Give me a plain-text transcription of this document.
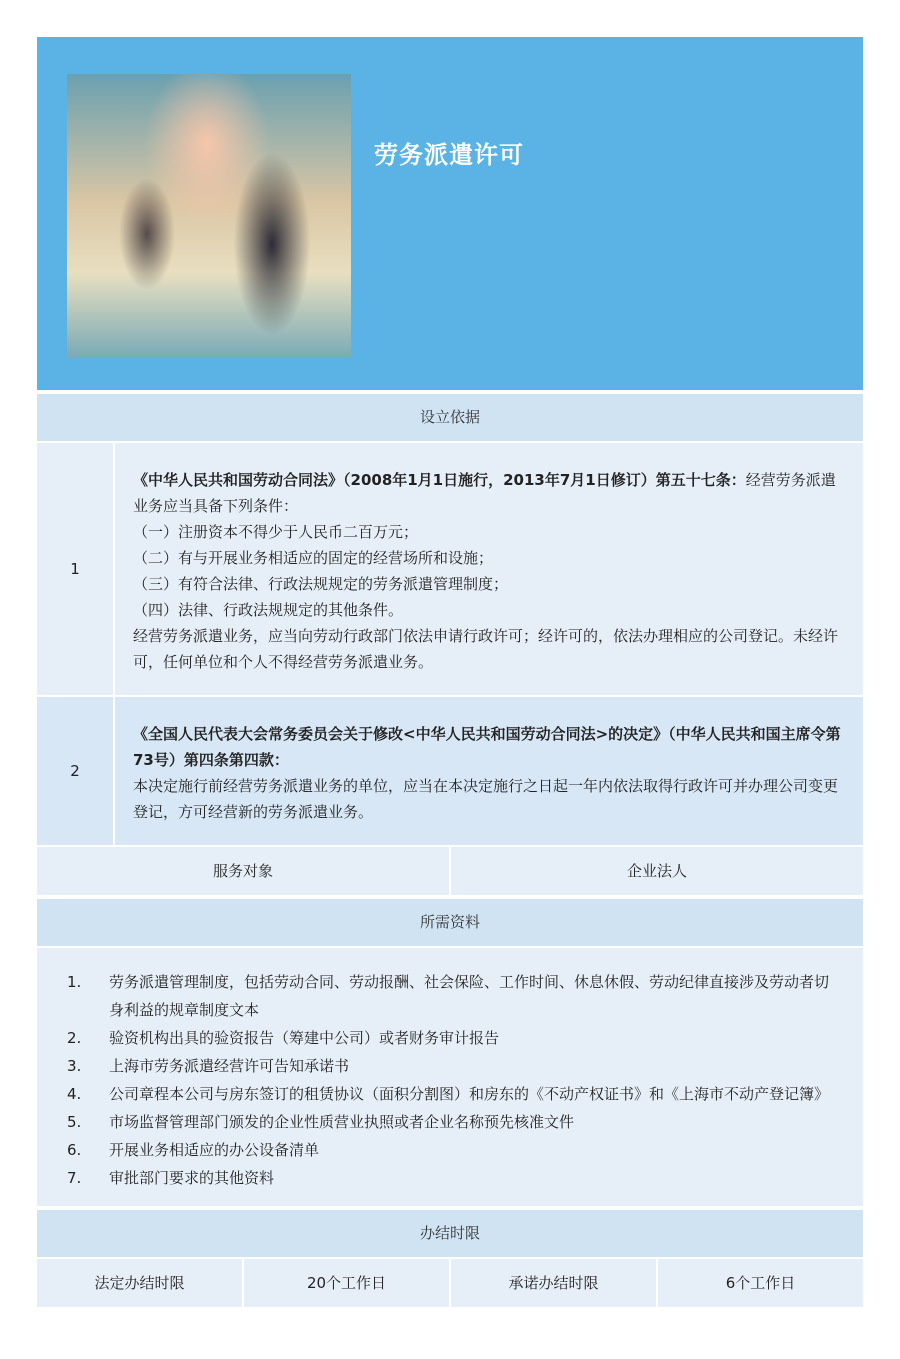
劳务派遣许可
设立依据
1

《中华人民共和国劳动合同法》（2008年1月1日施行，2013年7月1日修订）第五十七条：经营劳务派遣业务应当具备下列条件：

（一）注册资本不得少于人民币二百万元；

（二）有与开展业务相适应的固定的经营场所和设施；

（三）有符合法律、行政法规规定的劳务派遣管理制度；

（四）法律、行政法规规定的其他条件。

经营劳务派遣业务，应当向劳动行政部门依法申请行政许可；经许可的，依法办理相应的公司登记。未经许可，任何单位和个人不得经营劳务派遣业务。

2

《全国人民代表大会常务委员会关于修改<中华人民共和国劳动合同法>的决定》（中华人民共和国主席令第73号）第四条第四款：

本决定施行前经营劳务派遣业务的单位，应当在本决定施行之日起一年内依法取得行政许可并办理公司变更登记，方可经营新的劳务派遣业务。

服务对象	企业法人
所需资料
1.	劳务派遣管理制度，包括劳动合同、劳动报酬、社会保险、工作时间、休息休假、劳动纪律直接涉及劳动者切身利益的规章制度文本
2.	验资机构出具的验资报告（筹建中公司）或者财务审计报告
3.	上海市劳务派遣经营许可告知承诺书
4.	公司章程本公司与房东签订的租赁协议（面积分割图）和房东的《不动产权证书》和《上海市不动产登记簿》
5.	市场监督管理部门颁发的企业性质营业执照或者企业名称预先核准文件
6.	开展业务相适应的办公设备清单
7.	审批部门要求的其他资料
办结时限
法定办结时限	20个工作日	承诺办结时限	6个工作日
